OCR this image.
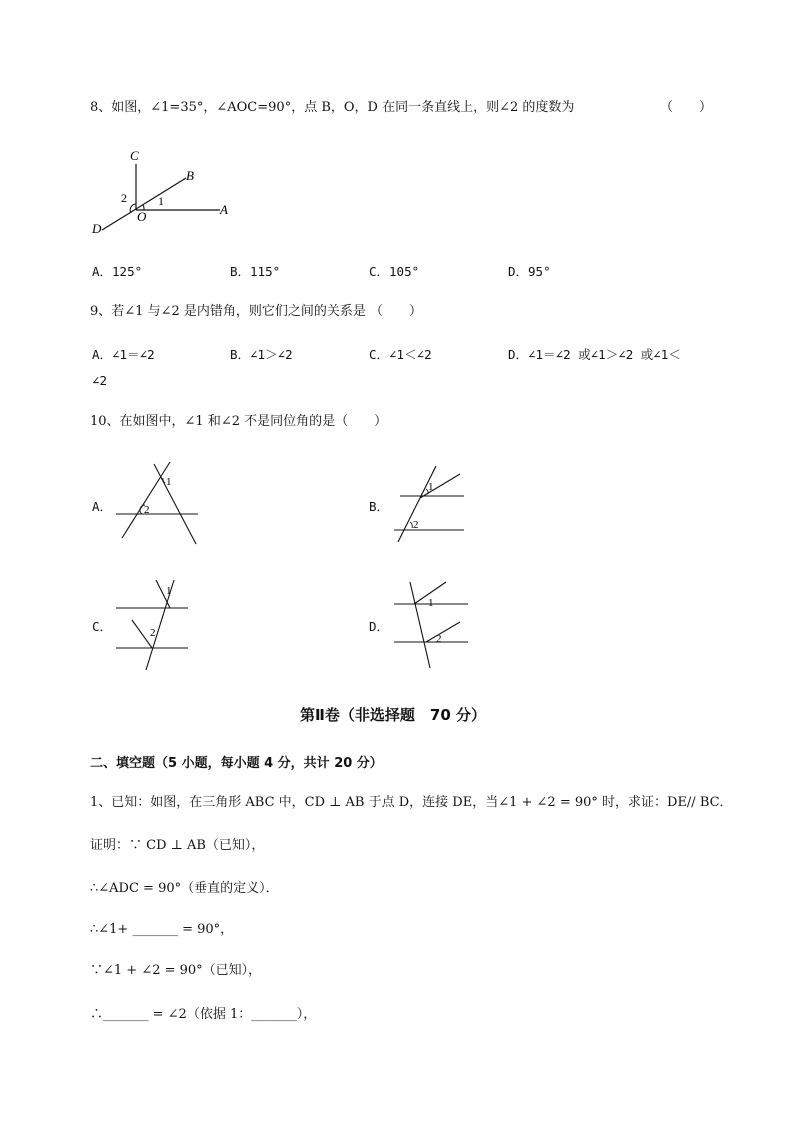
8、如图，∠1=35°，∠AOC=90°，点 B，O，D 在同一条直线上，则∠2 的度数为	（　　）
C
B
A
D
O
1
2
A．125°	B．115°	C．105°	D．95°
9、若∠1 与∠2 是内错角，则它们之间的关系是 （　　）
A．∠1＝∠2	B．∠1＞∠2	C．∠1＜∠2	D．∠1＝∠2 或∠1＞∠2 或∠1＜
∠2
10、在如图中，∠1 和∠2 不是同位角的是（　　）
A．
1
2	B．
1
2
C．
1
2	D．
1
2
第Ⅱ卷（非选择题　70 分）
二、填空题（5 小题，每小题 4 分，共计 20 分）
1、已知：如图，在三角形 ABC 中，CD ⊥ AB 于点 D，连接 DE，当∠1 + ∠2 = 90° 时，求证：DE// BC．
证明：∵ CD ⊥ AB（已知），
∴∠ADC = 90°（垂直的定义）．
∴∠1+ _______ = 90°，
∵∠1 + ∠2 = 90°（已知），
∴_______ = ∠2（依据 1：_______），
